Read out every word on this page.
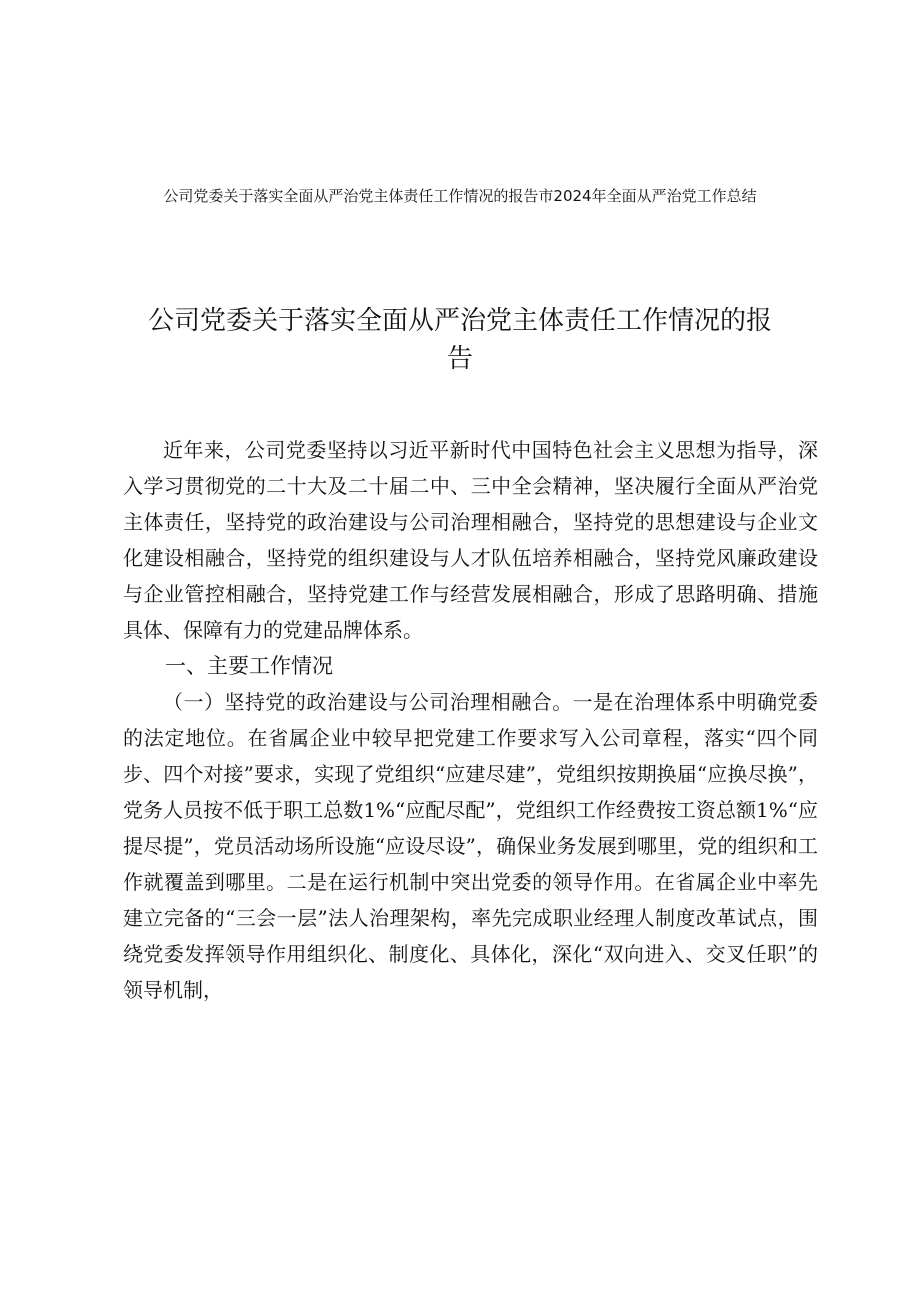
公司党委关于落实全面从严治党主体责任工作情况的报告市2024年全面从严治党工作总结
公司党委关于落实全面从严治党主体责任工作情况的报
告

近年来，公司党委坚持以习近平新时代中国特色社会主义思想为指导，深入学习贯彻党的二十大及二十届二中、三中全会精神，坚决履行全面从严治党主体责任，坚持党的政治建设与公司治理相融合，坚持党的思想建设与企业文化建设相融合，坚持党的组织建设与人才队伍培养相融合，坚持党风廉政建设与企业管控相融合，坚持党建工作与经营发展相融合，形成了思路明确、措施具体、保障有力的党建品牌体系。

一、主要工作情况

（一）坚持党的政治建设与公司治理相融合。一是在治理体系中明确党委的法定地位。在省属企业中较早把党建工作要求写入公司章程，落实“四个同步、四个对接”要求，实现了党组织“应建尽建”，党组织按期换届“应换尽换”，党务人员按不低于职工总数1%“应配尽配”，党组织工作经费按工资总额1%“应提尽提”，党员活动场所设施“应设尽设”，确保业务发展到哪里，党的组织和工作就覆盖到哪里。二是在运行机制中突出党委的领导作用。在省属企业中率先建立完备的“三会一层”法人治理架构，率先完成职业经理人制度改革试点，围绕党委发挥领导作用组织化、制度化、具体化，深化“双向进入、交叉任职”的领导机制，
